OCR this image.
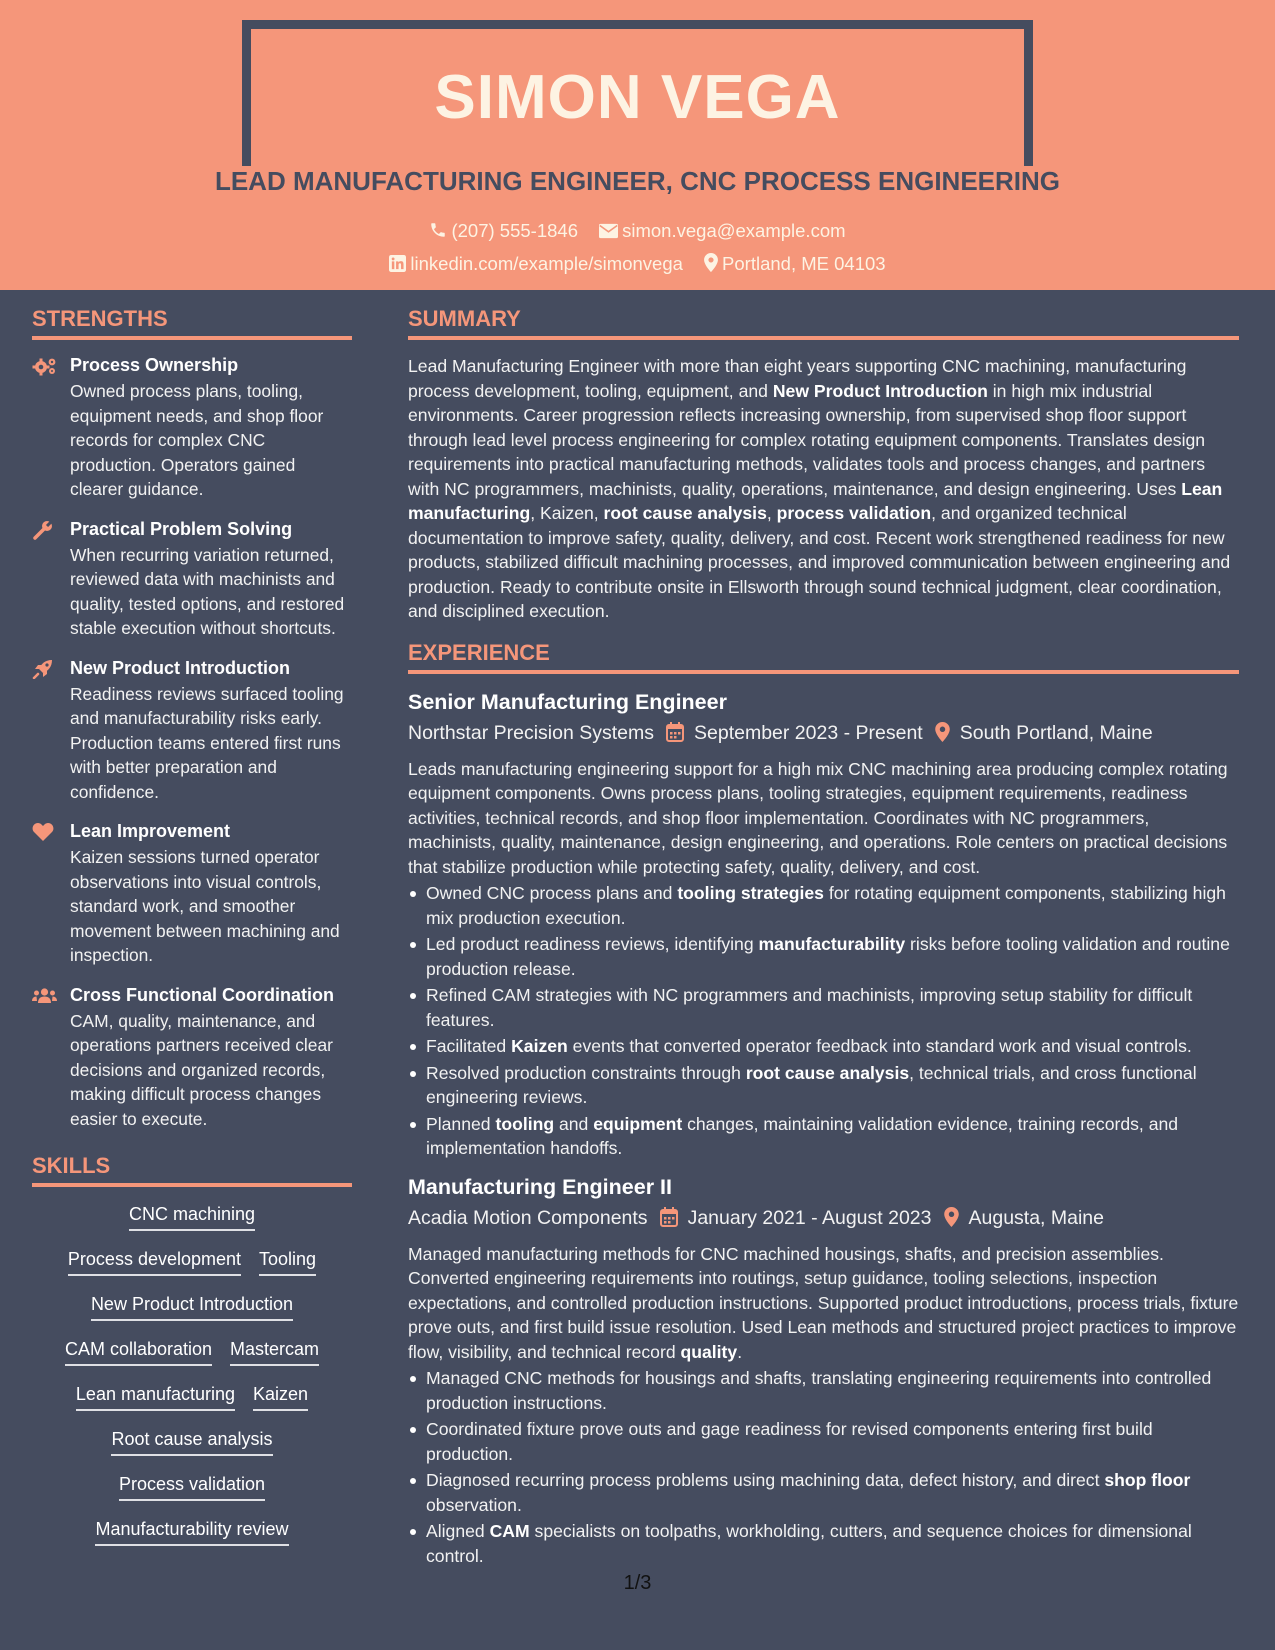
SIMON VEGA
LEAD MANUFACTURING ENGINEER, CNC PROCESS ENGINEERING
(207) 555-1846 simon.vega@example.com
linkedin.com/example/simonvega Portland, ME 04103
STRENGTHS
Process Ownership
Owned process plans, tooling, equipment needs, and shop floor records for complex CNC production. Operators gained clearer guidance.
Practical Problem Solving
When recurring variation returned, reviewed data with machinists and quality, tested options, and restored stable execution without shortcuts.
New Product Introduction
Readiness reviews surfaced tooling and manufacturability risks early. Production teams entered first runs with better preparation and confidence.
Lean Improvement
Kaizen sessions turned operator observations into visual controls, standard work, and smoother movement between machining and inspection.
Cross Functional Coordination
CAM, quality, maintenance, and operations partners received clear decisions and organized records, making difficult process changes easier to execute.
SKILLS
CNC machining
Process development Tooling
New Product Introduction
CAM collaboration Mastercam
Lean manufacturing Kaizen
Root cause analysis
Process validation
Manufacturability review
SUMMARY
Lead Manufacturing Engineer with more than eight years supporting CNC machining, manufacturing process development, tooling, equipment, and New Product Introduction in high mix industrial environments. Career progression reflects increasing ownership, from supervised shop floor support through lead level process engineering for complex rotating equipment components. Translates design requirements into practical manufacturing methods, validates tools and process changes, and partners with NC programmers, machinists, quality, operations, maintenance, and design engineering. Uses Lean manufacturing, Kaizen, root cause analysis, process validation, and organized technical documentation to improve safety, quality, delivery, and cost. Recent work strengthened readiness for new products, stabilized difficult machining processes, and improved communication between engineering and production. Ready to contribute onsite in Ellsworth through sound technical judgment, clear coordination, and disciplined execution.
EXPERIENCE
Senior Manufacturing Engineer
Northstar Precision Systems September 2023 - Present South Portland, Maine
Leads manufacturing engineering support for a high mix CNC machining area producing complex rotating equipment components. Owns process plans, tooling strategies, equipment requirements, readiness activities, technical records, and shop floor implementation. Coordinates with NC programmers, machinists, quality, maintenance, design engineering, and operations. Role centers on practical decisions that stabilize production while protecting safety, quality, delivery, and cost.
Owned CNC process plans and tooling strategies for rotating equipment components, stabilizing high mix production execution.
Led product readiness reviews, identifying manufacturability risks before tooling validation and routine production release.
Refined CAM strategies with NC programmers and machinists, improving setup stability for difficult features.
Facilitated Kaizen events that converted operator feedback into standard work and visual controls.
Resolved production constraints through root cause analysis, technical trials, and cross functional engineering reviews.
Planned tooling and equipment changes, maintaining validation evidence, training records, and implementation handoffs.
Manufacturing Engineer II
Acadia Motion Components January 2021 - August 2023 Augusta, Maine
Managed manufacturing methods for CNC machined housings, shafts, and precision assemblies. Converted engineering requirements into routings, setup guidance, tooling selections, inspection expectations, and controlled production instructions. Supported product introductions, process trials, fixture prove outs, and first build issue resolution. Used Lean methods and structured project practices to improve flow, visibility, and technical record quality.
Managed CNC methods for housings and shafts, translating engineering requirements into controlled production instructions.
Coordinated fixture prove outs and gage readiness for revised components entering first build production.
Diagnosed recurring process problems using machining data, defect history, and direct shop floor observation.
Aligned CAM specialists on toolpaths, workholding, cutters, and sequence choices for dimensional control.
1/3
